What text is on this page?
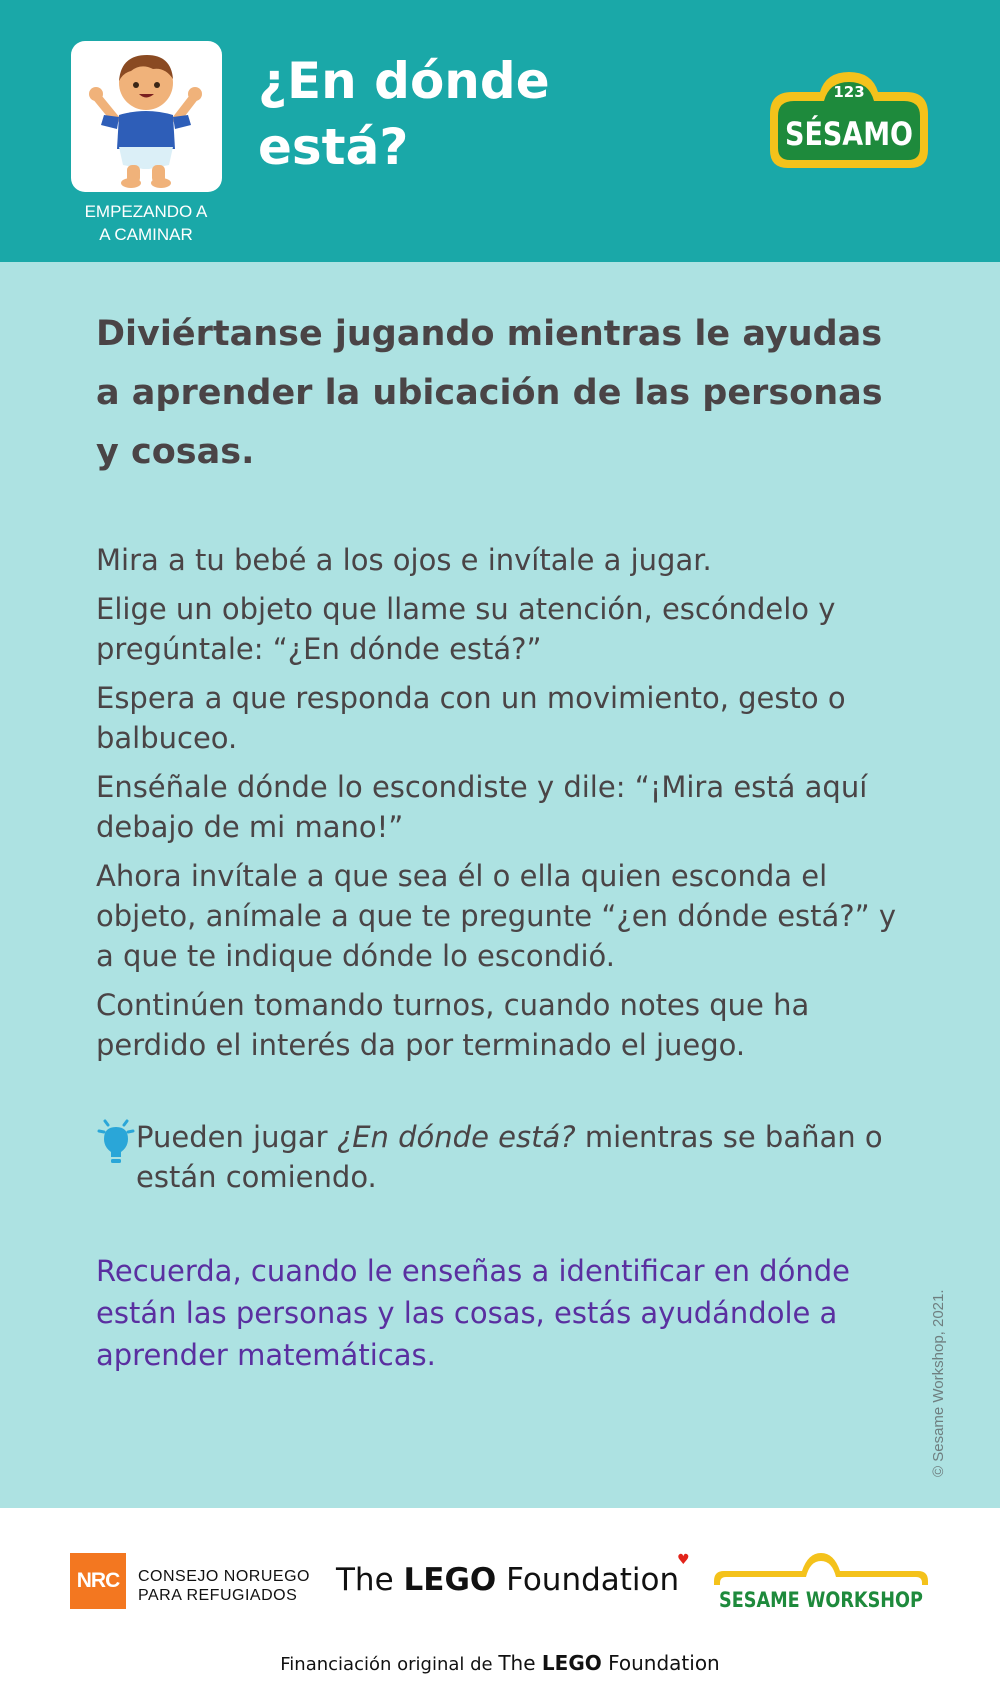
EMPEZANDO A
A CAMINAR
¿En dónde
está?
123
SÉSAMO
Diviértanse jugando mientras le ayudas a aprender la ubicación de las personas y cosas.
Mira a tu bebé a los ojos e invítale a jugar.
Elige un objeto que llame su atención, escóndelo y pregúntale: “¿En dónde está?”
Espera a que responda con un movimiento, gesto o balbuceo.
Enséñale dónde lo escondiste y dile: “¡Mira está aquí debajo de mi mano!”
Ahora invítale a que sea él o ella quien esconda el objeto, anímale a que te pregunte “¿en dónde está?” y a que te indique dónde lo escondió.
Continúen tomando turnos, cuando notes que ha perdido el interés da por terminado el juego.
Pueden jugar ¿En dónde está? mientras se bañan o están comiendo.
Recuerda, cuando le enseñas a identificar en dónde están las personas y las cosas, estás ayudándole a aprender matemáticas.	© Sesame Workshop, 2021.
NRC	CONSEJO NORUEGO
PARA REFUGIADOS	The LEGO Foundation
SESAME WORKSHOP
Financiación original de The LEGO Foundation
